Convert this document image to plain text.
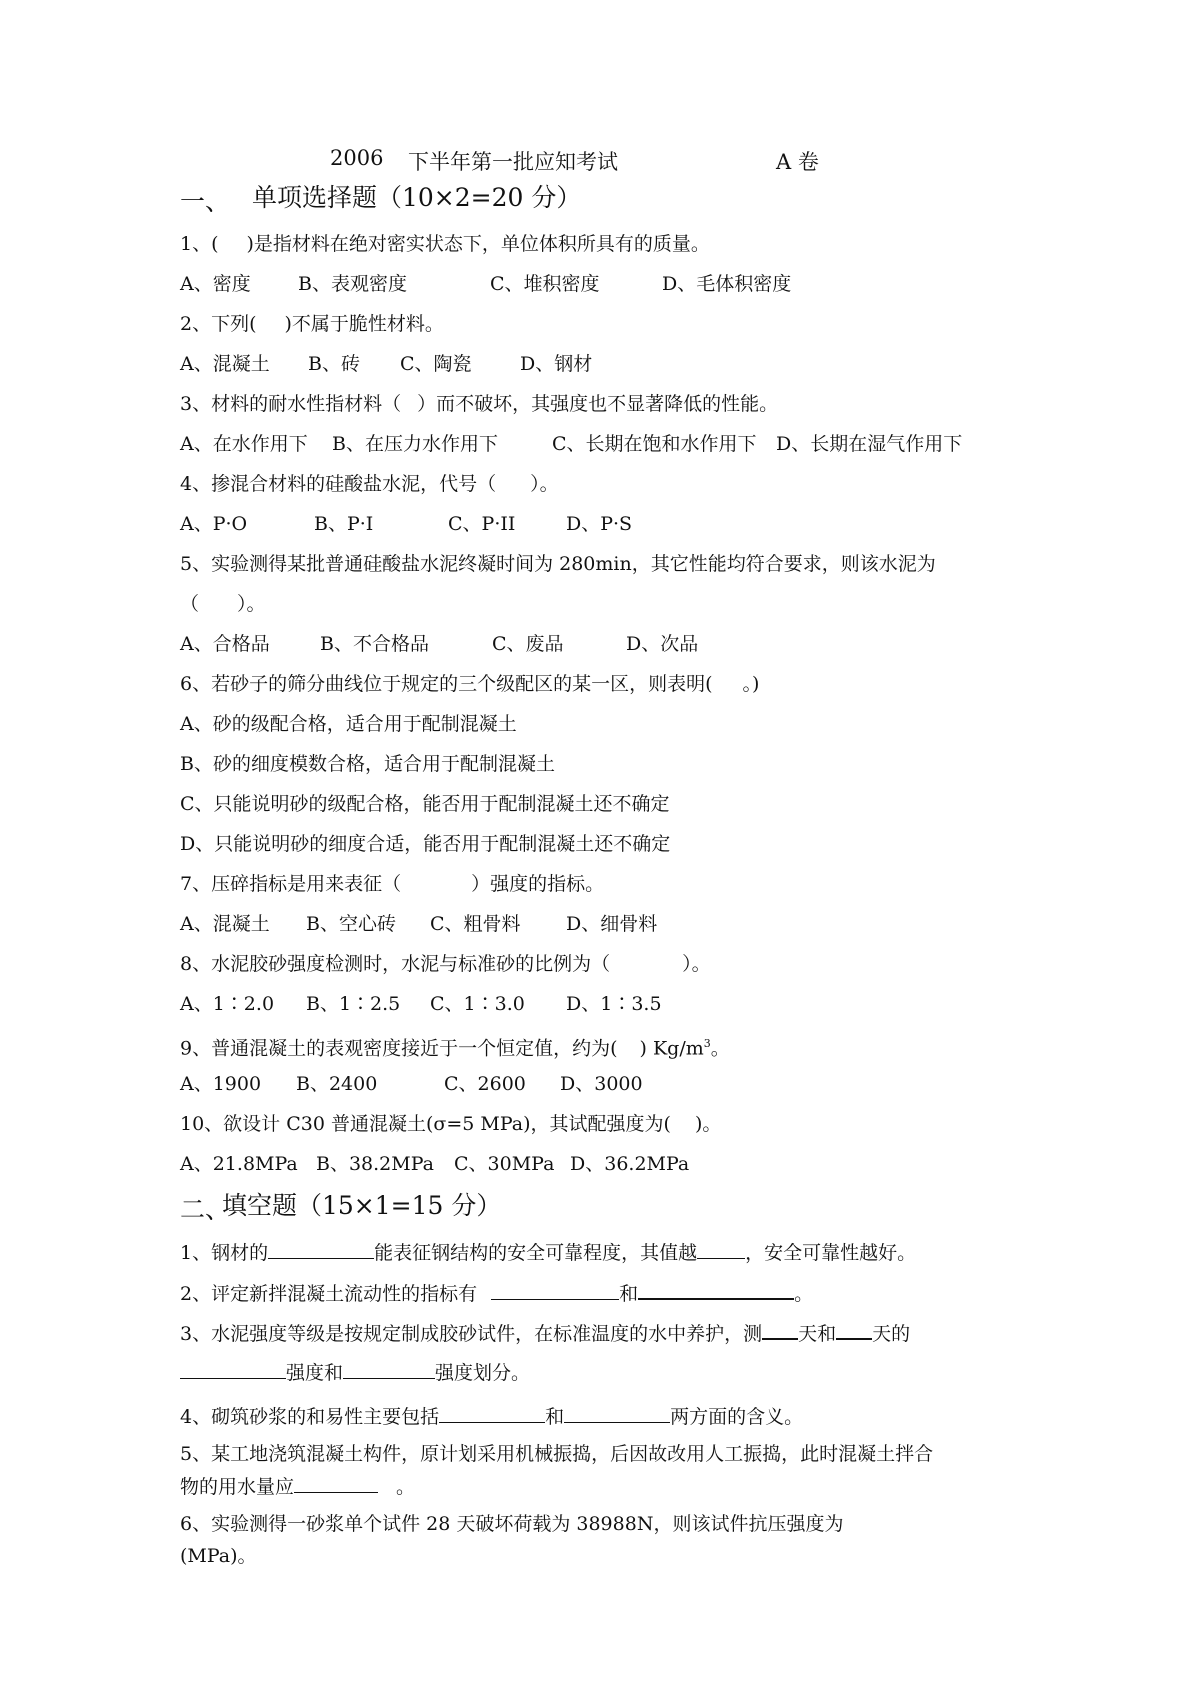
2006 下半年第一批应知考试	A 卷
一、 单项选择题（10×2=20 分）
1、( )是指材料在绝对密实状态下，单位体积所具有的质量。
A、密度 B、表观密度	C、堆积密度	D、毛体积密度
2、下列( )不属于脆性材料。
A、混凝土 B、砖 C、陶瓷	D、钢材
3、材料的耐水性指材料（ ）而不破坏，其强度也不显著降低的性能。
A、在水作用下 B、在压力水作用下	C、长期在饱和水作用下 D、长期在湿气作用下
4、掺混合材料的硅酸盐水泥，代号（ ）。
A、P·O	B、P·I	C、P·II	D、P·S
5、实验测得某批普通硅酸盐水泥终凝时间为 280min，其它性能均符合要求，则该水泥为
（　　）。
A、合格品	B、不合格品	C、废品	D、次品
6、若砂子的筛分曲线位于规定的三个级配区的某一区，则表明( 。)
A、砂的级配合格，适合用于配制混凝土
B、砂的细度模数合格，适合用于配制混凝土
C、只能说明砂的级配合格，能否用于配制混凝土还不确定
D、只能说明砂的细度合适，能否用于配制混凝土还不确定
7、压碎指标是用来表征（	）强度的指标。
A、混凝土 B、空心砖 C、粗骨料 D、细骨料
8、水泥胶砂强度检测时，水泥与标准砂的比例为（	）。
A、1∶2.0 B、1∶2.5 C、1∶3.0 D、1∶3.5
9、普通混凝土的表观密度接近于一个恒定值，约为( ) $Kg/m^3$。
A、1900 B、2400	C、2600 D、3000
10、欲设计 C30 普通混凝土(σ=5 MPa)，其试配强度为( )。
A、21.8MPa B、38.2MPa C、30MPa D、36.2MPa
二、
填空题（15×1=15 分）
1、钢材的	能表征钢结构的安全可靠程度，其值越	，安全可靠性越好。
2、评定新拌混凝土流动性的指标有	和	。
3、水泥强度等级是按规定制成胶砂试件，在标准温度的水中养护，测 天和 天的
强度和	强度划分。
4、砌筑砂浆的和易性主要包括	和	两方面的含义。
5、某工地浇筑混凝土构件，原计划采用机械振捣，后因故改用人工振捣，此时混凝土拌合
物的用水量应	。
6、实验测得一砂浆单个试件 28 天破坏荷载为 38988N，则该试件抗压强度为
(MPa)。
